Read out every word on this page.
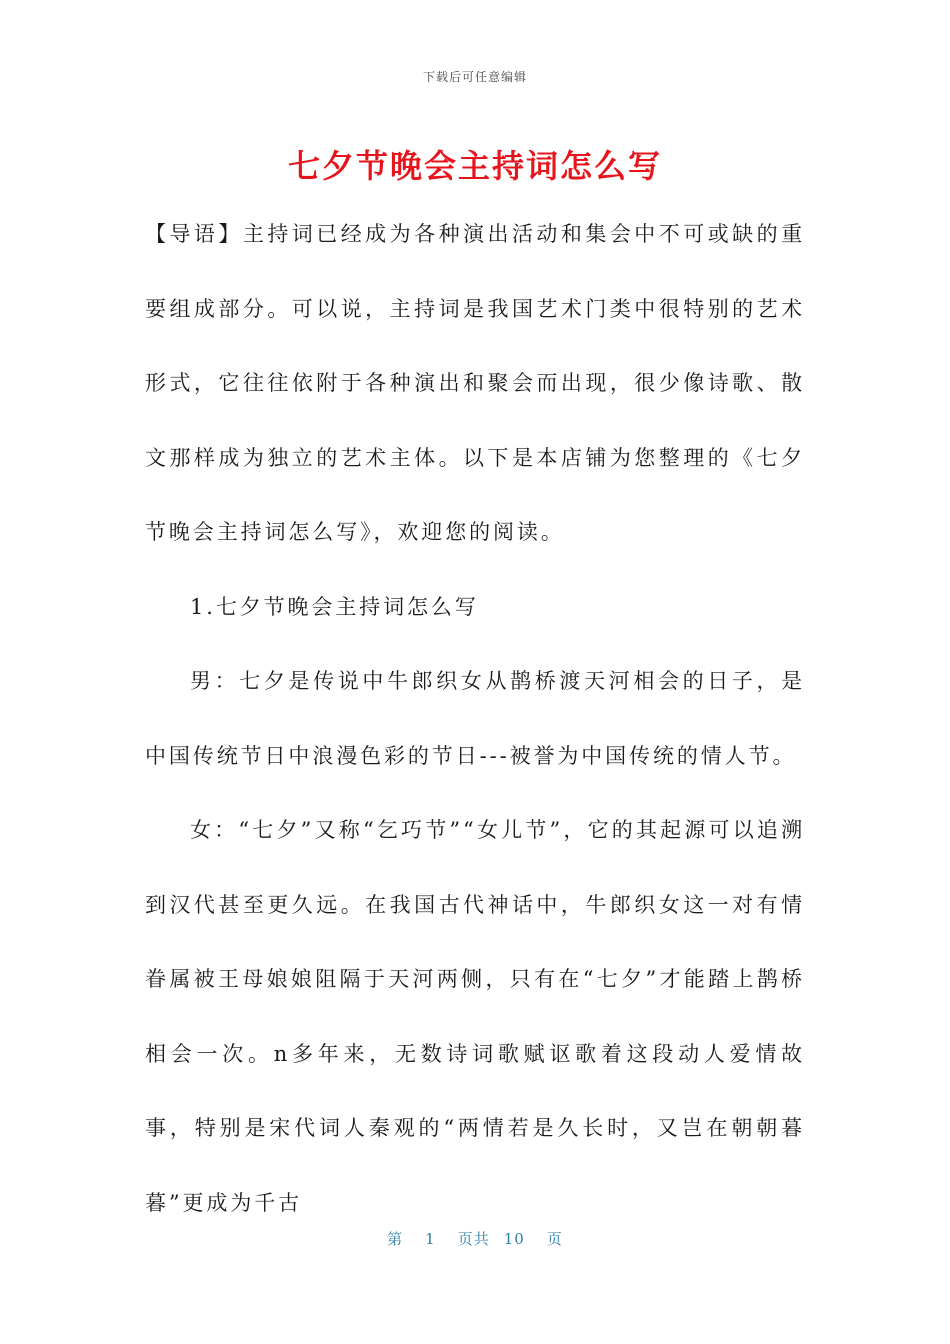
下载后可任意编辑
七夕节晚会主持词怎么写

【导语】主持词已经成为各种演出活动和集会中不可或缺的重要组成部分。可以说，主持词是我国艺术门类中很特别的艺术形式，它往往依附于各种演出和聚会而出现，很少像诗歌、散文那样成为独立的艺术主体。以下是本店铺为您整理的《七夕节晚会主持词怎么写》，欢迎您的阅读。

1.七夕节晚会主持词怎么写

男：七夕是传说中牛郎织女从鹊桥渡天河相会的日子，是中国传统节日中浪漫色彩的节日---被誉为中国传统的情人节。

女：“七夕”又称“乞巧节”“女儿节”，它的其起源可以追溯到汉代甚至更久远。在我国古代神话中，牛郎织女这一对有情眷属被王母娘娘阻隔于天河两侧，只有在“七夕”才能踏上鹊桥相会一次。n多年来，无数诗词歌赋讴歌着这段动人爱情故事，特别是宋代词人秦观的“两情若是久长时，又岂在朝朝暮暮”更成为千古

第 1 页共 10 页
